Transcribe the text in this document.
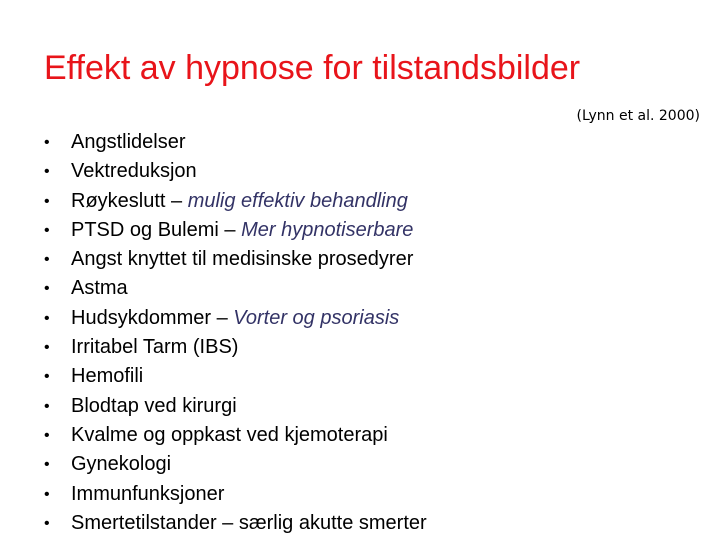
Effekt av hypnose for tilstandsbilder
(Lynn et al. 2000)
• Angstlidelser
• Vektreduksjon
• Røykeslutt – mulig effektiv behandling
• PTSD og Bulemi – Mer hypnotiserbare
• Angst knyttet til medisinske prosedyrer
• Astma
• Hudsykdommer – Vorter og psoriasis
• Irritabel Tarm (IBS)
• Hemofili
• Blodtap ved kirurgi
• Kvalme og oppkast ved kjemoterapi
• Gynekologi
• Immunfunksjoner
• Smertetilstander – særlig akutte smerter
